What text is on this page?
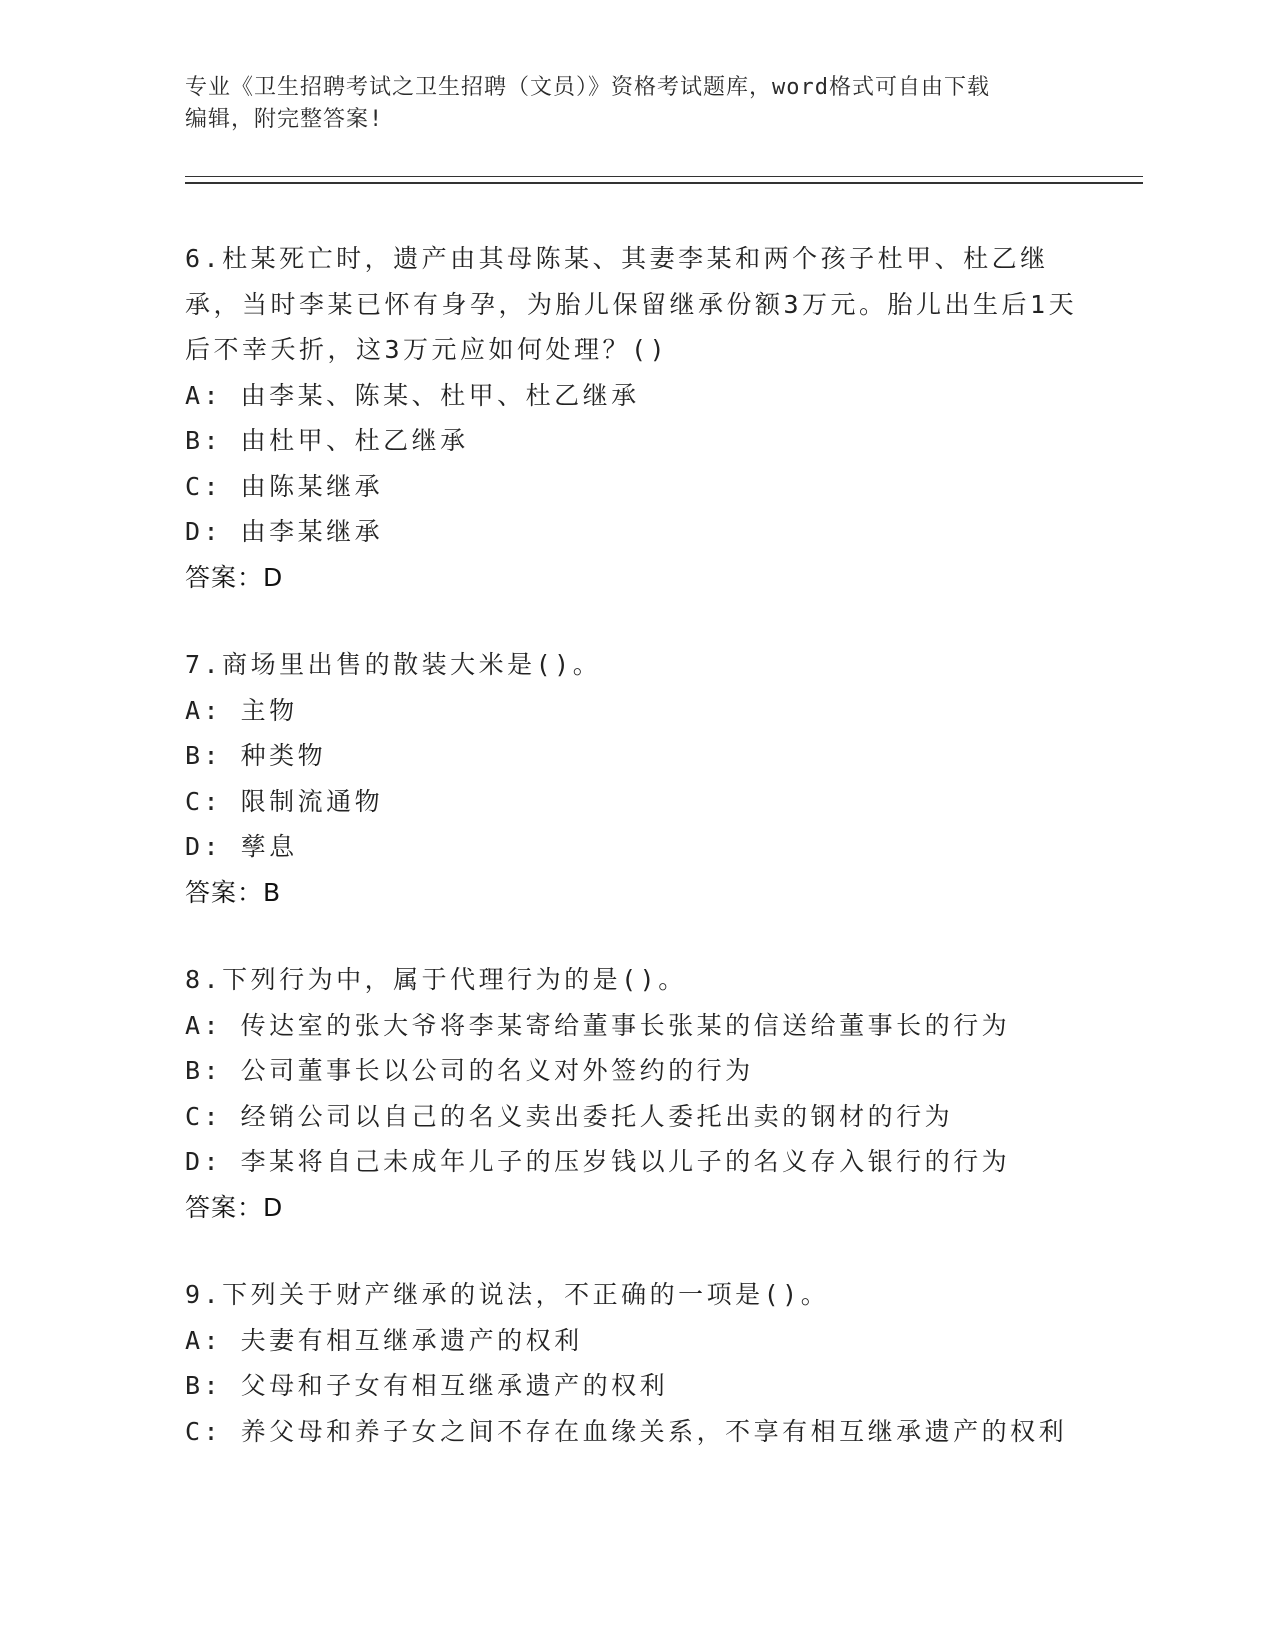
专业《卫生招聘考试之卫生招聘（文员）》资格考试题库，word格式可自由下载
编辑，附完整答案!
6.杜某死亡时，遗产由其母陈某、其妻李某和两个孩子杜甲、杜乙继承，当时李某已怀有身孕，为胎儿保留继承份额3万元。胎儿出生后1天后不幸夭折，这3万元应如何处理？()
A: 由李某、陈某、杜甲、杜乙继承
B: 由杜甲、杜乙继承
C: 由陈某继承
D: 由李某继承
答案：D
7.商场里出售的散装大米是()。
A: 主物
B: 种类物
C: 限制流通物
D: 孳息
答案：B
8.下列行为中，属于代理行为的是()。
A: 传达室的张大爷将李某寄给董事长张某的信送给董事长的行为
B: 公司董事长以公司的名义对外签约的行为
C: 经销公司以自己的名义卖出委托人委托出卖的钢材的行为
D: 李某将自己未成年儿子的压岁钱以儿子的名义存入银行的行为
答案：D
9.下列关于财产继承的说法，不正确的一项是()。
A: 夫妻有相互继承遗产的权利
B: 父母和子女有相互继承遗产的权利
C: 养父母和养子女之间不存在血缘关系，不享有相互继承遗产的权利
